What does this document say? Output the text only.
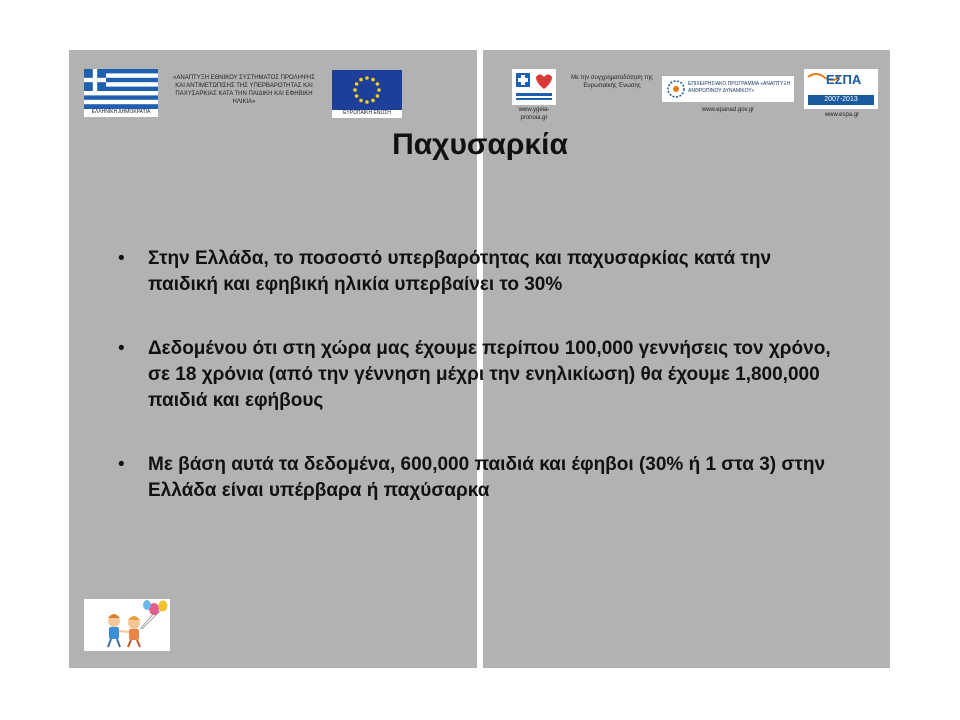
ΕΛΛΗΝΙΚΗ ΔΗΜΟΚΡΑΤΙΑ
«ΑΝΑΠΤΥΞΗ ΕΘΝΙΚΟΥ ΣΥΣΤΗΜΑΤΟΣ ΠΡΟΛΗΨΗΣ ΚΑΙ ΑΝΤΙΜΕΤΩΠΙΣΗΣ ΤΗΣ ΥΠΕΡΒΑΡΟΤΗΤΑΣ ΚΑΙ ΠΑΧΥΣΑΡΚΙΑΣ ΚΑΤΑ ΤΗΝ ΠΑΙΔΙΚΗ ΚΑΙ ΕΦΗΒΙΚΗ ΗΛΙΚΙΑ»
ΕΥΡΩΠΑΪΚΗ ΕΝΩΣΗ	www.ygeia-pronoia.gr
Με την συγχρηματοδότηση της Ευρωπαϊκής Ένωσης	ΕΠΙΧΕΙΡΗΣΙΑΚΟ ΠΡΟΓΡΑΜΜΑ «ΑΝΑΠΤΥΞΗ ΑΝΘΡΩΠΙΝΟΥ ΔΥΝΑΜΙΚΟΥ»
www.epanad.gov.gr
ΕΣΠΑ
2007-2013
www.espa.gr
Παχυσαρκία
• Στην Ελλάδα, το ποσοστό υπερβαρότητας και παχυσαρκίας κατά την παιδική και εφηβική ηλικία υπερβαίνει το 30%
• Δεδομένου ότι στη χώρα μας έχουμε περίπου 100,000 γεννήσεις τον χρόνο, σε 18 χρόνια (από την γέννηση μέχρι την ενηλικίωση) θα έχουμε 1,800,000 παιδιά και εφήβους
• Με βάση αυτά τα δεδομένα, 600,000 παιδιά και έφηβοι (30% ή 1 στα 3) στην Ελλάδα είναι υπέρβαρα ή παχύσαρκα
